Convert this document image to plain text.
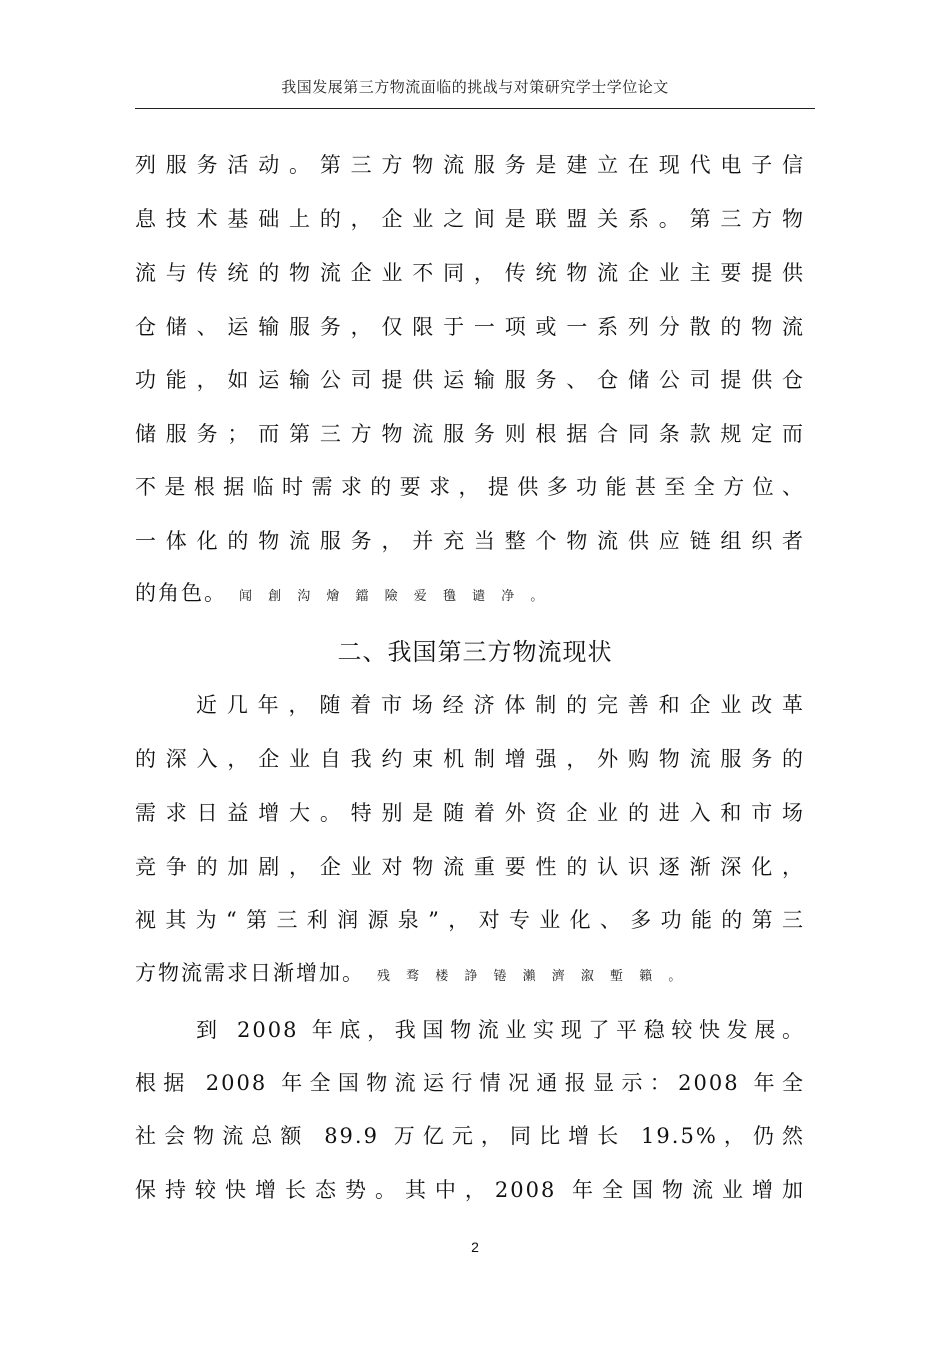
我国发展第三方物流面临的挑战与对策研究学士学位论文
列服务活动。第三方物流服务是建立在现代电子信
息技术基础上的，企业之间是联盟关系。第三方物
流与传统的物流企业不同，传统物流企业主要提供
仓储、运输服务，仅限于一项或一系列分散的物流
功能，如运输公司提供运输服务、仓储公司提供仓
储服务；而第三方物流服务则根据合同条款规定而
不是根据临时需求的要求，提供多功能甚至全方位、
一体化的物流服务，并充当整个物流供应链组织者
的角色。 闻 創 沟 燴 鐺 險 爱 氇 谴 净 。
二、我国第三方物流现状
近几年，随着市场经济体制的完善和企业改革
的深入，企业自我约束机制增强，外购物流服务的
需求日益增大。特别是随着外资企业的进入和市场
竞争的加剧，企业对物流重要性的认识逐渐深化，
视其为“第三利润源泉”，对专业化、多功能的第三
方物流需求日渐增加。 残 骛 楼 諍 锩 瀨 濟 溆 塹 籟 。
到 2008 年底，我国物流业实现了平稳较快发展。
根据 2008 年全国物流运行情况通报显示：2008 年全
社会物流总额 89.9 万亿元，同比增长 19.5%，仍然
保持较快增长态势。其中，2008 年全国物流业增加
2
